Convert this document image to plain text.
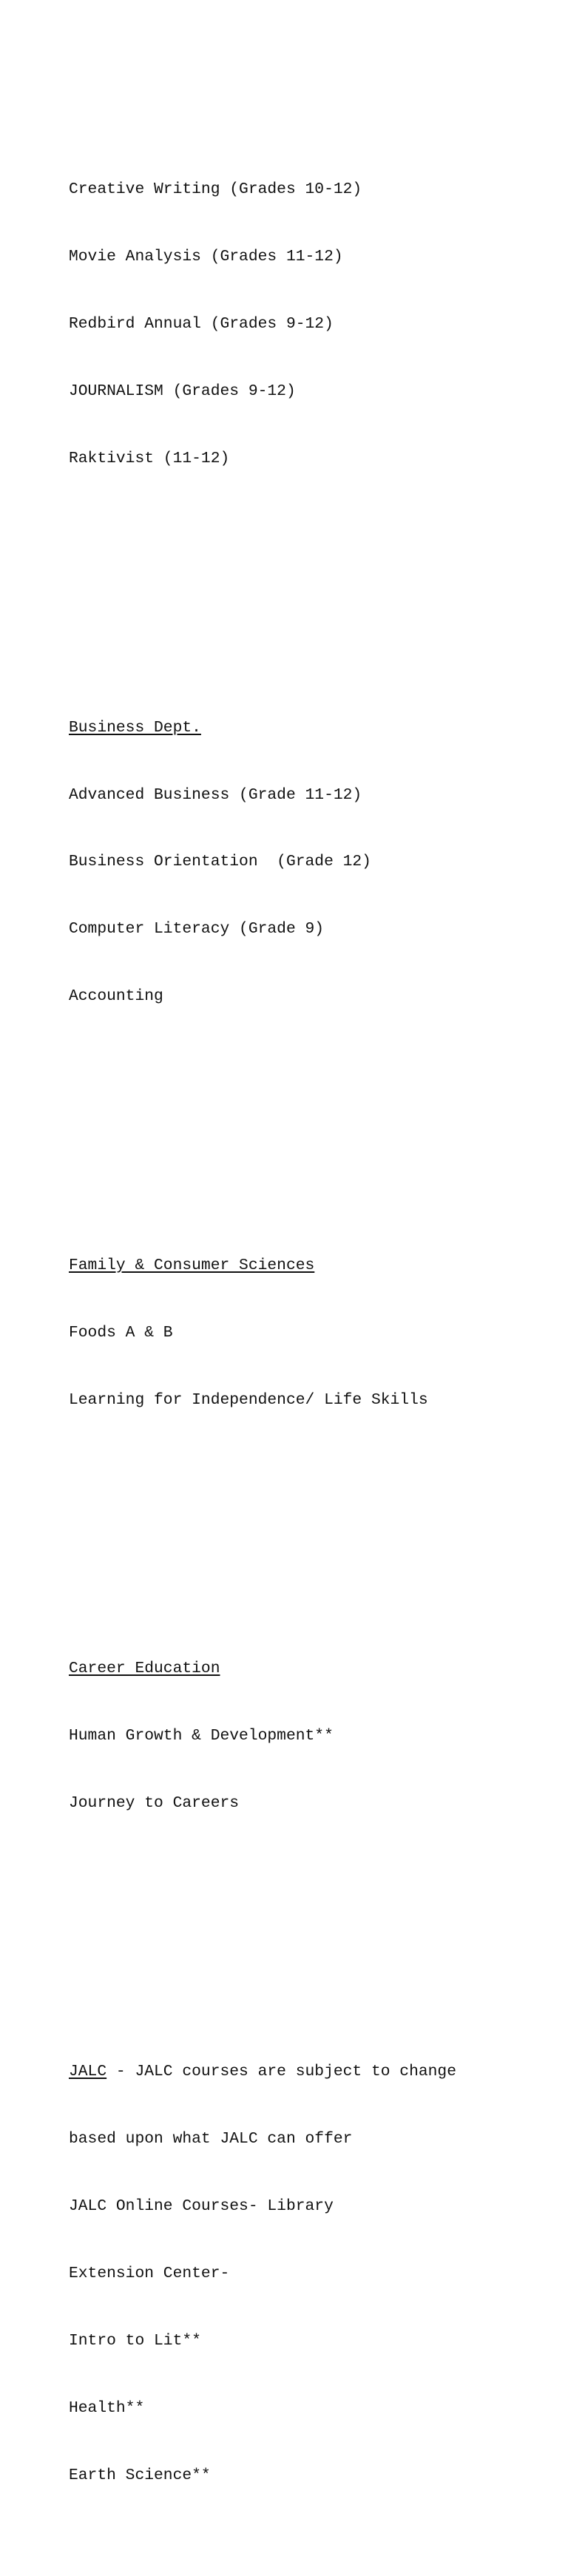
Creative Writing (Grades 10-12)

Movie Analysis (Grades 11-12)

Redbird Annual (Grades 9-12)

JOURNALISM (Grades 9-12)

Raktivist (11-12)

Business Dept.

Advanced Business (Grade 11-12)

Business Orientation  (Grade 12)

Computer Literacy (Grade 9)

Accounting

Family & Consumer Sciences

Foods A & B

Learning for Independence/ Life Skills

Career Education

Human Growth & Development**

Journey to Careers

JALC - JALC courses are subject to change

based upon what JALC can offer

JALC Online Courses- Library

Extension Center-

Intro to Lit**

Health**

Earth Science**
